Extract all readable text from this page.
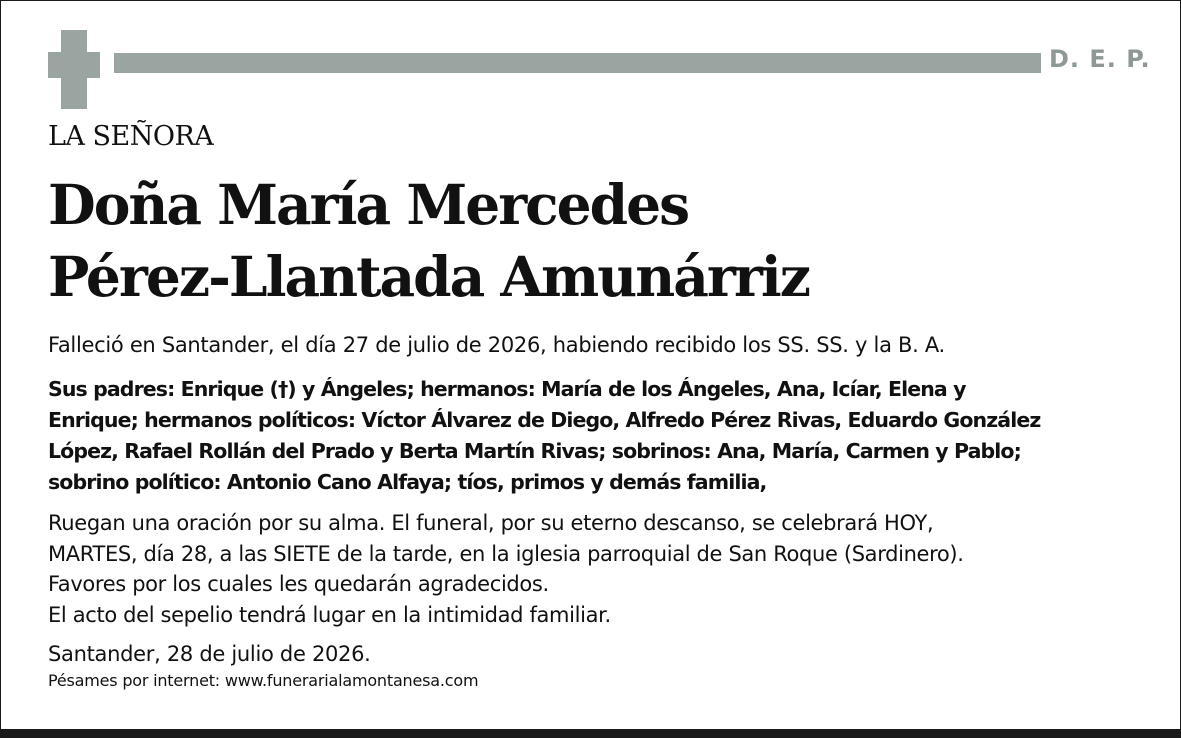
D. E. P.
LA SEÑORA
Doña María Mercedes
Pérez-Llantada Amunárriz
Falleció en Santander, el día 27 de julio de 2026, habiendo recibido los SS. SS. y la B. A.
Sus padres: Enrique (†) y Ángeles; hermanos: María de los Ángeles, Ana, Icíar, Elena y
Enrique; hermanos políticos: Víctor Álvarez de Diego, Alfredo Pérez Rivas, Eduardo González
López, Rafael Rollán del Prado y Berta Martín Rivas; sobrinos: Ana, María, Carmen y Pablo;
sobrino político: Antonio Cano Alfaya; tíos, primos y demás familia,
Ruegan una oración por su alma. El funeral, por su eterno descanso, se celebrará HOY,
MARTES, día 28, a las SIETE de la tarde, en la iglesia parroquial de San Roque (Sardinero).
Favores por los cuales les quedarán agradecidos.
El acto del sepelio tendrá lugar en la intimidad familiar.
Santander, 28 de julio de 2026.
Pésames por internet: www.funerarialamontanesa.com
